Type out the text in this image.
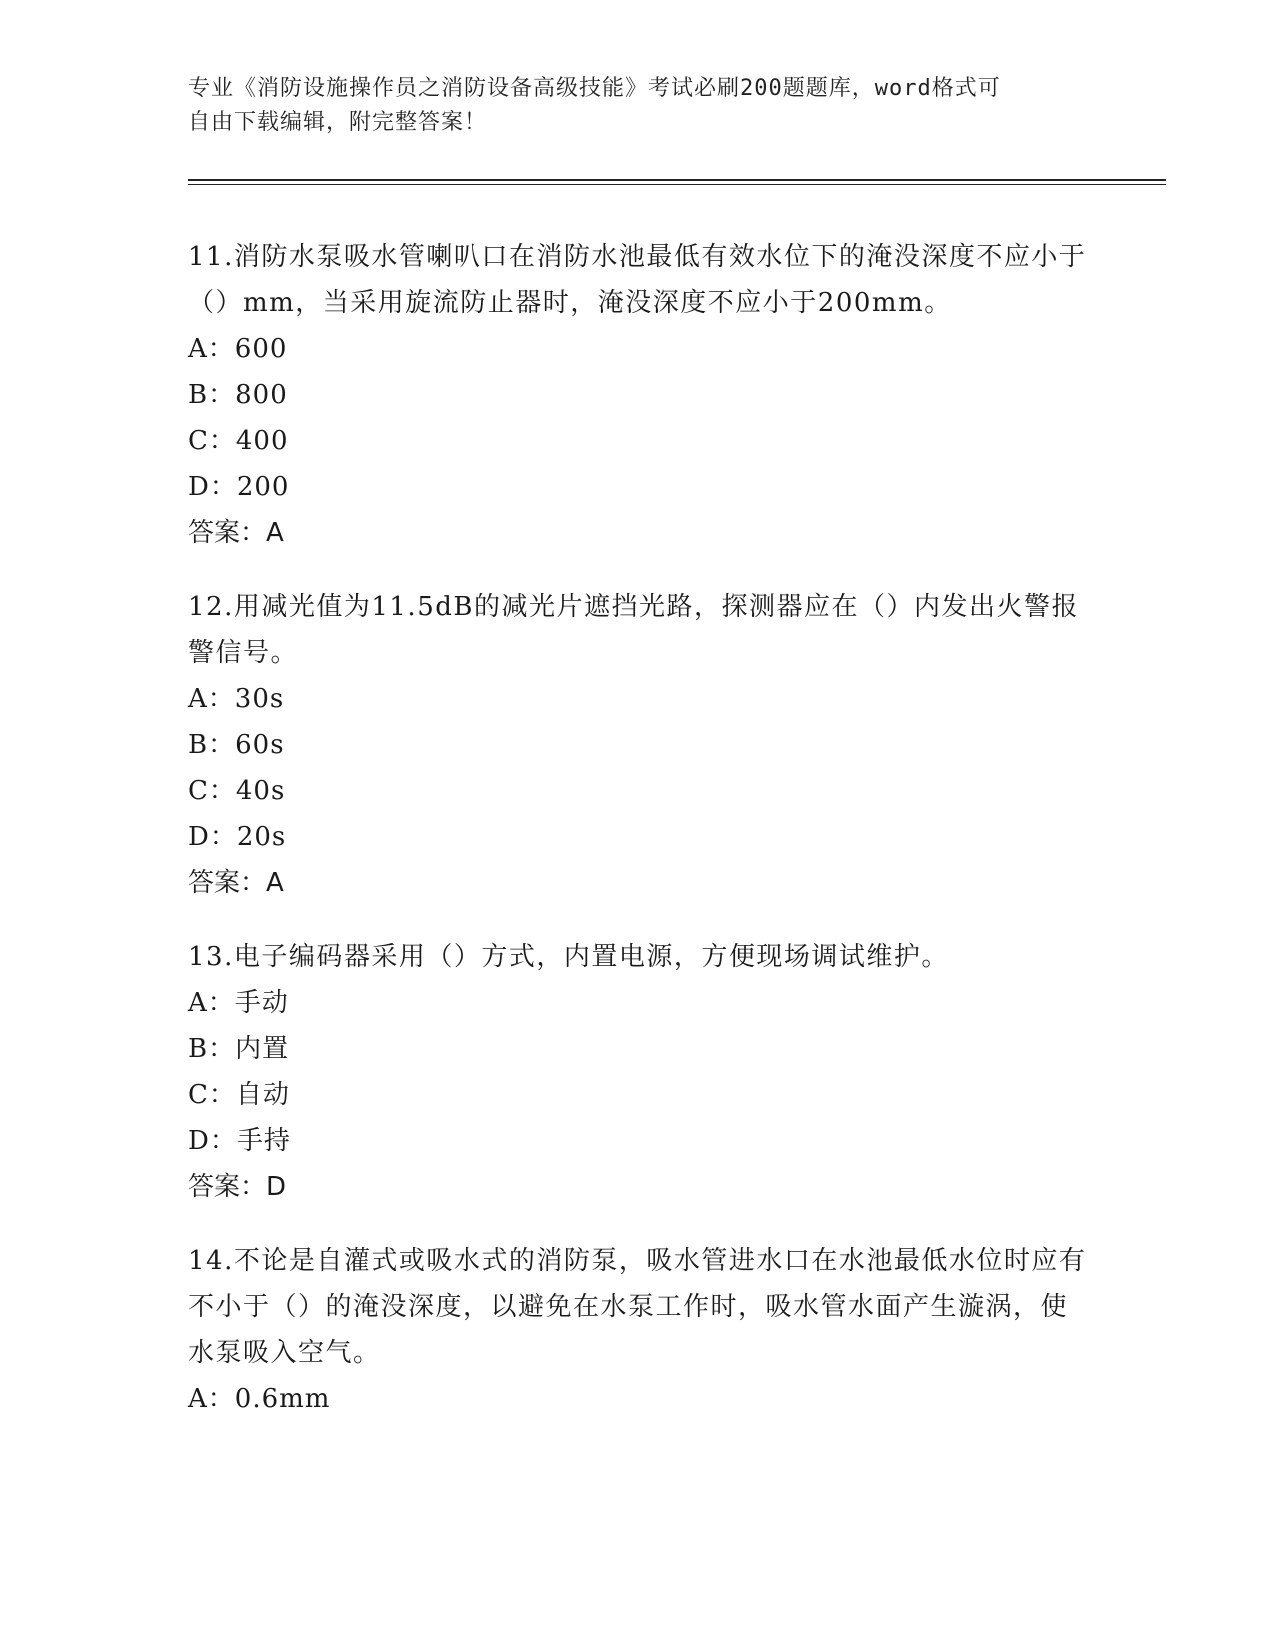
专业《消防设施操作员之消防设备高级技能》考试必刷200题题库，word格式可
自由下载编辑，附完整答案！

11.消防水泵吸水管喇叭口在消防水池最低有效水位下的淹没深度不应小于（）mm，当采用旋流防止器时，淹没深度不应小于200mm。

A：600

B：800

C：400

D：200

答案：A

12.用减光值为11.5dB的减光片遮挡光路，探测器应在（）内发出火警报警信号。

A：30s

B：60s

C：40s

D：20s

答案：A

13.电子编码器采用（）方式，内置电源，方便现场调试维护。

A：手动

B：内置

C：自动

D：手持

答案：D

14.不论是自灌式或吸水式的消防泵，吸水管进水口在水池最低水位时应有不小于（）的淹没深度，以避免在水泵工作时，吸水管水面产生漩涡，使水泵吸入空气。

A：0.6mm
